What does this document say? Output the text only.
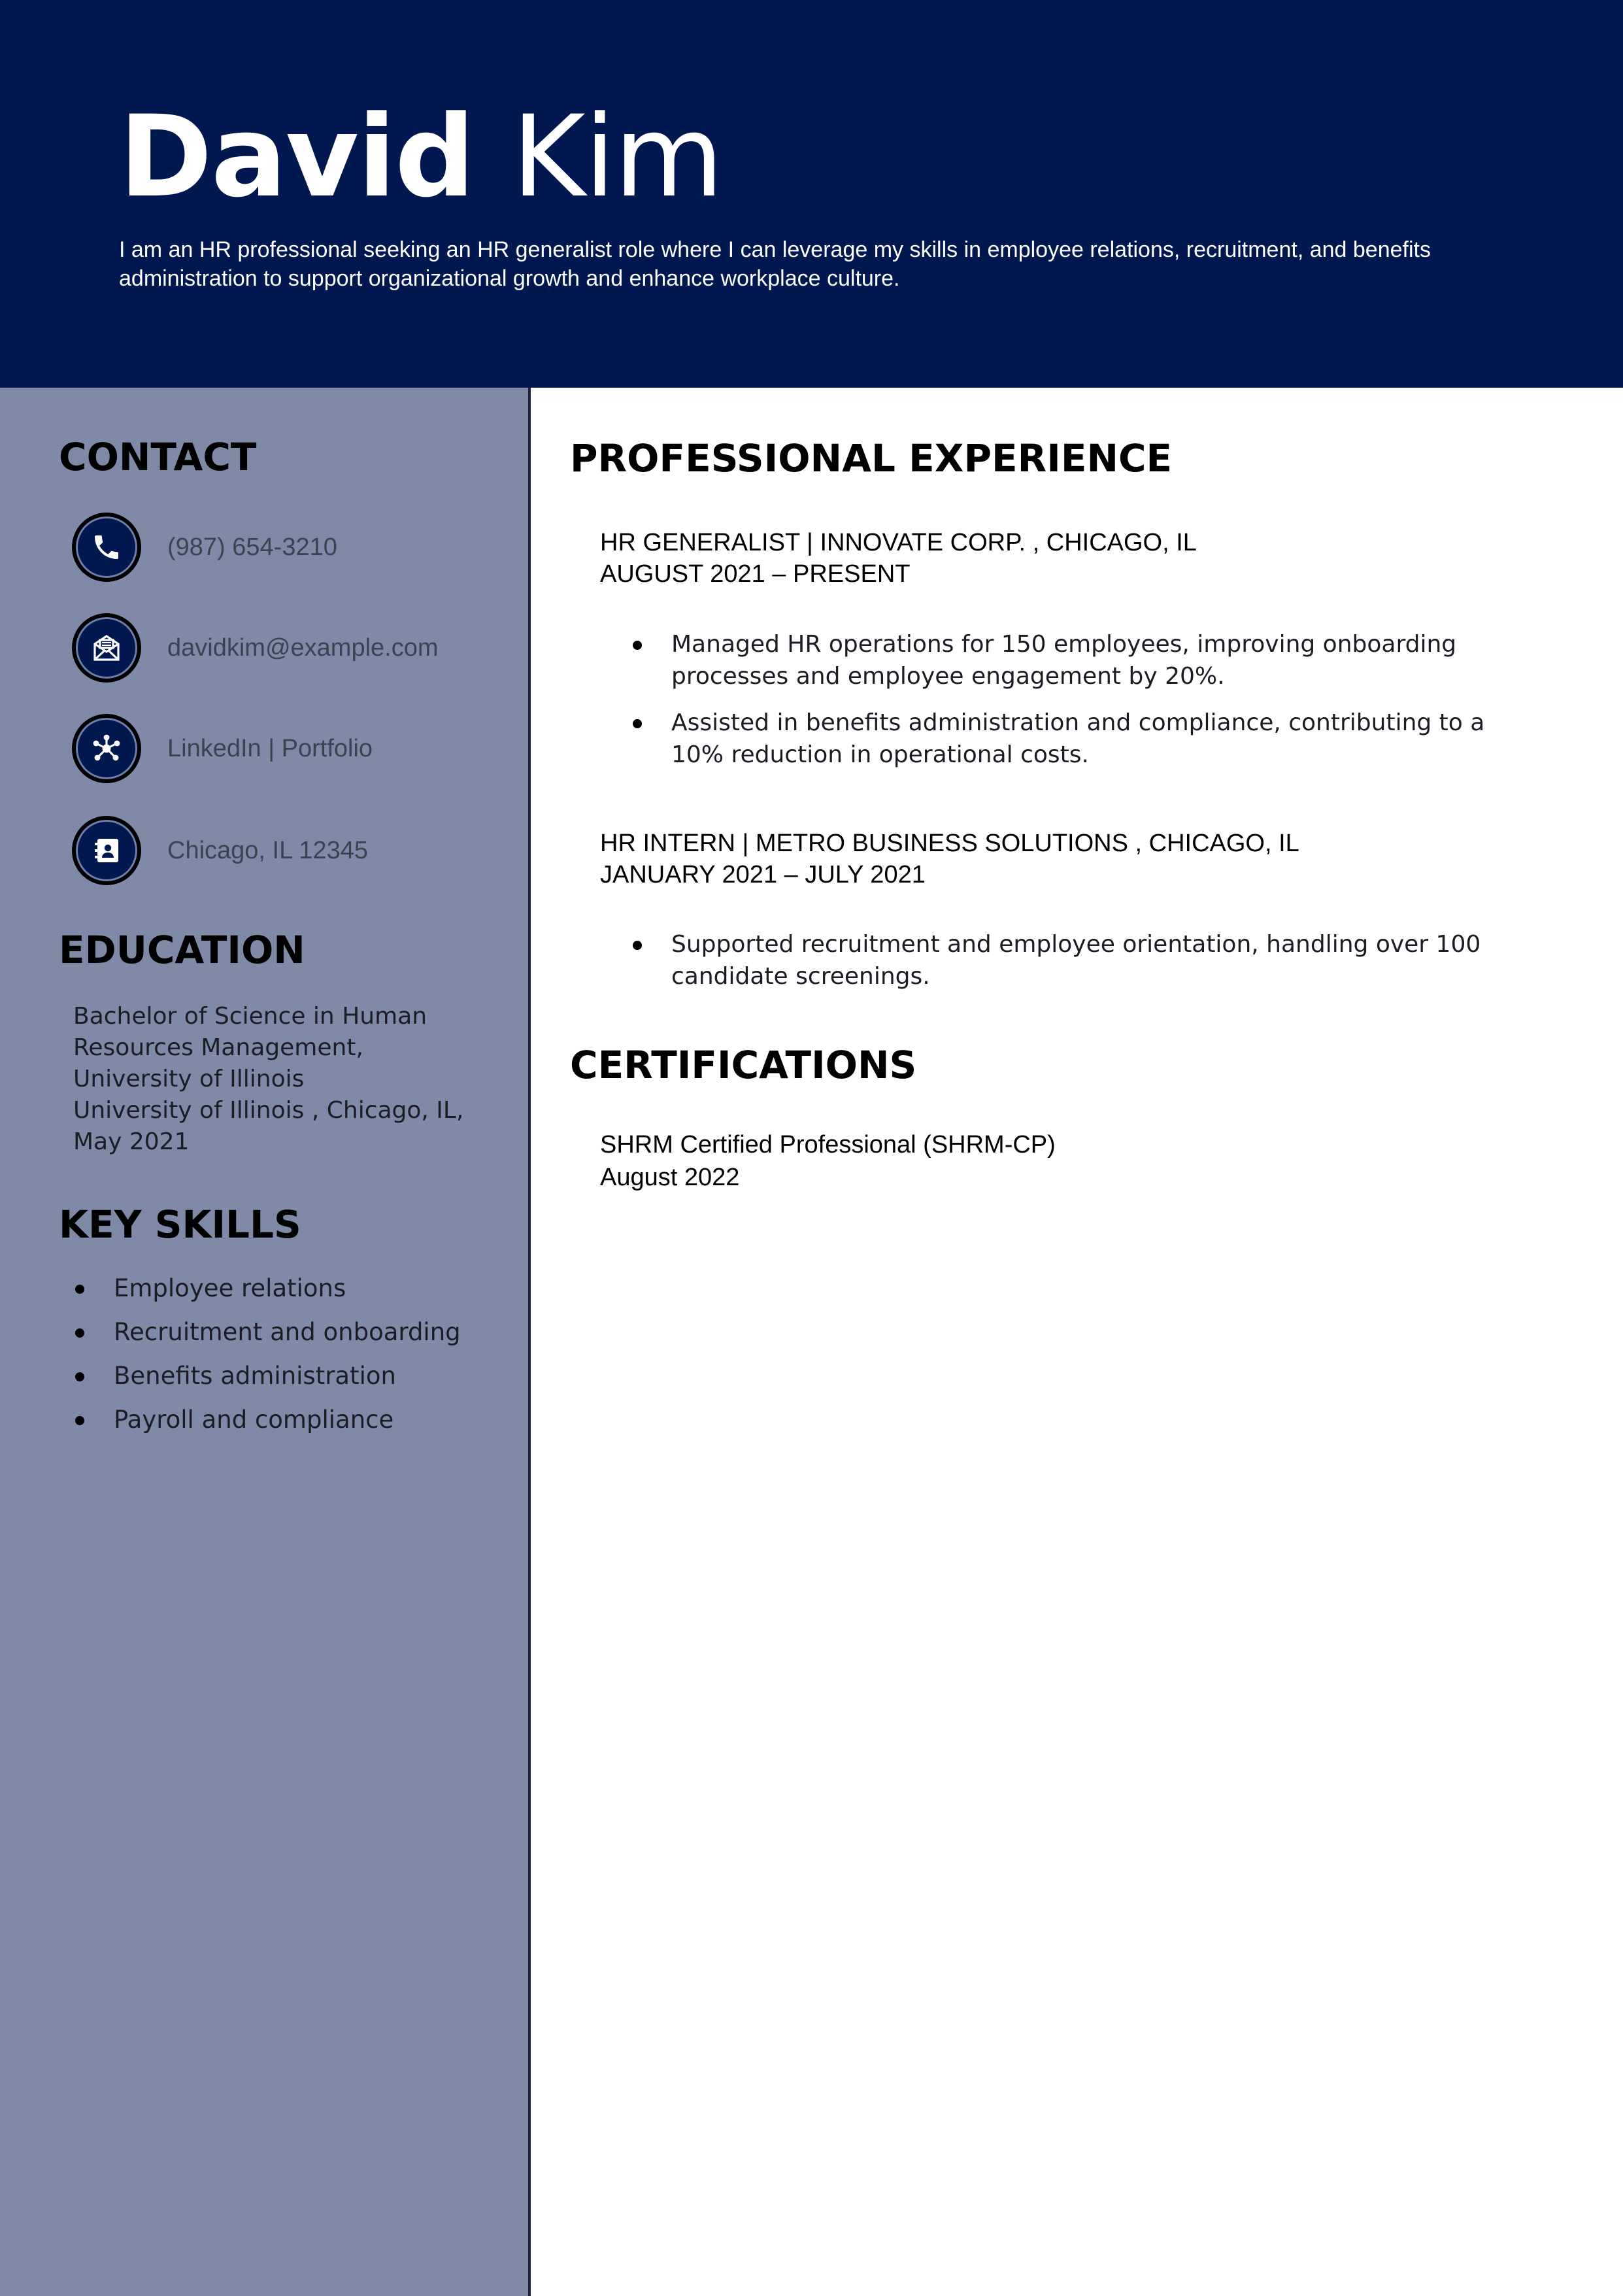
David Kim

I am an HR professional seeking an HR generalist role where I can leverage my skills in employee relations, recruitment, and benefits administration to support organizational growth and enhance workplace culture.

CONTACT
(987) 654-3210
davidkim@example.com
LinkedIn | Portfolio
Chicago, IL 12345
EDUCATION
Bachelor of Science in Human
Resources Management,
University of Illinois
University of Illinois , Chicago, IL,
May 2021
KEY SKILLS
Employee relations
Recruitment and onboarding
Benefits administration
Payroll and compliance
PROFESSIONAL EXPERIENCE
HR GENERALIST | INNOVATE CORP. , CHICAGO, IL
AUGUST 2021 – PRESENT
Managed HR operations for 150 employees, improving onboarding processes and employee engagement by 20%.
Assisted in benefits administration and compliance, contributing to a 10% reduction in operational costs.
HR INTERN | METRO BUSINESS SOLUTIONS , CHICAGO, IL
JANUARY 2021 – JULY 2021
Supported recruitment and employee orientation, handling over 100 candidate screenings.
CERTIFICATIONS
SHRM Certified Professional (SHRM-CP)
August 2022
